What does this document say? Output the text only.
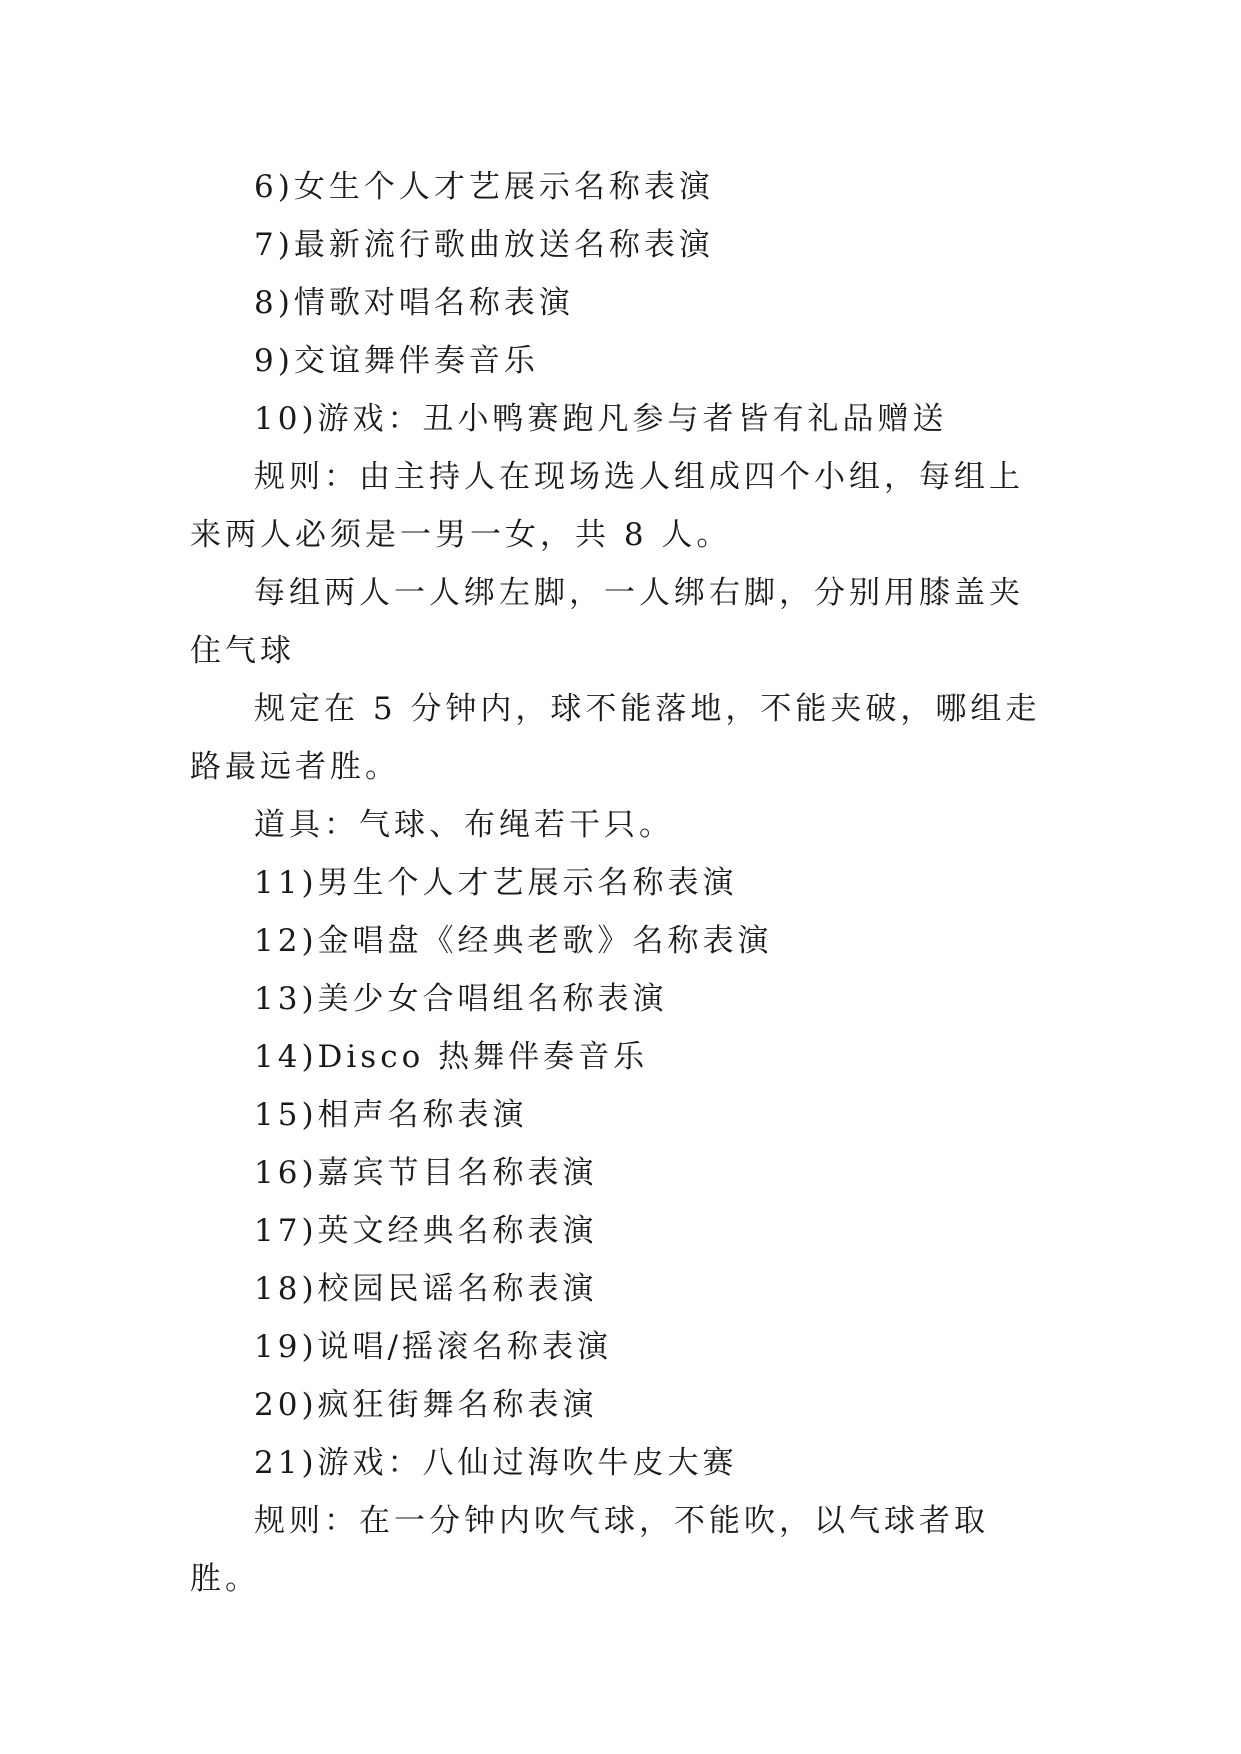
6)女生个人才艺展示名称表演

7)最新流行歌曲放送名称表演

8)情歌对唱名称表演

9)交谊舞伴奏音乐

10)游戏：丑小鸭赛跑凡参与者皆有礼品赠送

规则：由主持人在现场选人组成四个小组，每组上来两人必须是一男一女，共 8 人。

每组两人一人绑左脚，一人绑右脚，分别用膝盖夹住气球

规定在 5 分钟内，球不能落地，不能夹破，哪组走路最远者胜。

道具：气球、布绳若干只。

11)男生个人才艺展示名称表演

12)金唱盘《经典老歌》名称表演

13)美少女合唱组名称表演

14)Disco 热舞伴奏音乐

15)相声名称表演

16)嘉宾节目名称表演

17)英文经典名称表演

18)校园民谣名称表演

19)说唱/摇滚名称表演

20)疯狂街舞名称表演

21)游戏：八仙过海吹牛皮大赛

规则：在一分钟内吹气球，不能吹，以气球者取胜。
